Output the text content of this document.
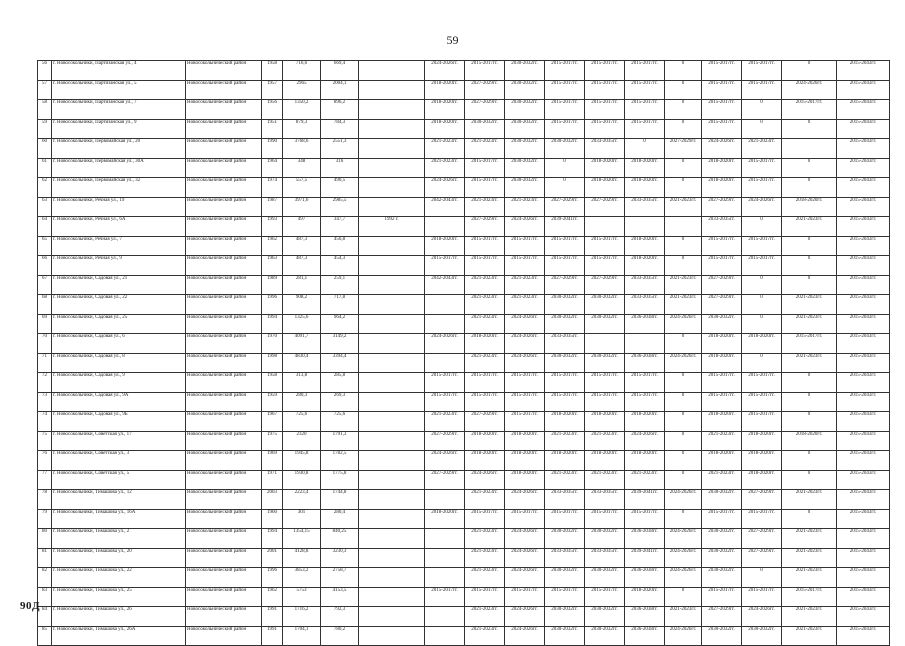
59
56	г. Новосокольники, Партизанская ул., 4	Новосокольнический район	1958	716,6	669,4		2024-2026гг.	2015-2017гг.	2030-2032гг.	2015-2017гг.	2015-2017гг.	2015-2017гг.	0	2015-2017гг.	2015-2017гг.	0	2015-2043гг.
57	г. Новосокольники, Партизанская ул., 5	Новосокольнический район	1957	2965	2004,1		2018-2020гг.	2027-2029гг.	2030-2032гг.	2015-2017гг.	2015-2017гг.	2015-2017гг.	0	2015-2017гг.	2015-2017гг.	2024-2026гг.	2015-2043гг.
58	г. Новосокольники, Партизанская ул., 7	Новосокольнический район	1956	1350,2	896,2		2018-2020гг.	2027-2029гг.	2030-2032гг.	2015-2017гг.	2015-2017гг.	2015-2017гг.	0	2015-2017гг.	0	2015-2017гг.	2015-2043гг.
59	г. Новосокольники, Партизанская ул., 9	Новосокольнический район	1951	879,3	784,3		2018-2020гг.	2030-2032гг.	2030-2032гг.	2015-2017гг.	2015-2017гг.	2015-2017гг.	0	2015-2017гг.	0	0	2015-2043гг.
60	г. Новосокольники, Первомайская ул., 20	Новосокольнический район	1990	3768,6	2551,3		2021-2023гг.	2021-2023гг.	2030-2032гг.	2030-2032гг.	2033-2035гг.	0	2027-2029гг.	2024-2026гг.	2021-2023гг.		2015-2043гг.
61	г. Новосокольники, Первомайская ул., 30А	Новосокольнический район	1964	348	316		2021-2023гг.	2015-2017гг.	2030-2032гг.	0	2018-2020гг.	2018-2020гг.	0	2018-2020гг.	2015-2017гг.	0	2015-2043гг.
62	г. Новосокольники, Первомайская ул., 32	Новосокольнический район	1974	557,5	490,5		2024-2026гг.	2015-2017гг.	2030-2032гг.	0	2018-2020гг.	2018-2020гг.	0	2018-2020гг.	2015-2017гг.	0	2015-2043гг.
63	г. Новосокольники, Речная ул., 19	Новосокольнический район	1987	3971,6	2985,5		2042-2043гг.	2021-2023гг.	2021-2023гг.	2027-2029гг.	2027-2029гг.	2033-2035гг.	2021-2023гг.	2027-2029гг.	2024-2026гг.	2018-2020гг.	2015-2043гг.
64	г. Новосокольники, Речная ул., 6А	Новосокольнический район	1993	497	347,7	1992 г.		2027-2029гг.	2024-2026гг.	2039-2041гг.				2033-2035гг.	0	2021-2023гг.	2015-2043гг.
65	г. Новосокольники, Речная ул., 7	Новосокольнический район	1962	487,3	456,8		2018-2020гг.	2015-2017гг.	2015-2017гг.	2015-2017гг.	2015-2017гг.	2018-2020гг.	0	2015-2017гг.	2015-2017гг.	0	2015-2043гг.
66	г. Новосокольники, Речная ул., 9	Новосокольнический район	1963	487,3	454,3		2015-2017гг.	2015-2017гг.	2015-2017гг.	2015-2017гг.	2015-2017гг.	2018-2020гг.	0	2015-2017гг.	2015-2017гг.	0	2015-2043гг.
67	г. Новосокольники, Садовая ул., 21	Новосокольнический район	1989	281,1	259,1		2042-2043гг.	2021-2023гг.	2021-2023гг.	2027-2029гг.	2027-2029гг.	2033-2035гг.	2021-2023гг.	2027-2029гг.	0	0	2015-2043гг.
68	г. Новосокольники, Садовая ул., 22	Новосокольнический район	1996	908,2	717,8			2021-2023гг.	2021-2023гг.	2030-2032гг.	2030-2032гг.	2033-2035гг.	2021-2023гг.	2027-2029гг.	0	2021-2023гг.	2015-2043гг.
69	г. Новосокольники, Садовая ул., 25	Новосокольнический район	1994	1325,6	964,2			2021-2023гг.	2024-2026гг.	2030-2032гг.	2030-2032гг.	2036-2038гг.	2024-2026гг.	2030-2032гг.	0	2021-2023гг.	2015-2043гг.
70	г. Новосокольники, Садовая ул., 6	Новосокольнический район	1970	4091,7	3149,2		2024-2026гг.	2018-2020гг.	2024-2026гг.	2033-2035гг.			0	2018-2020гг.	2018-2020гг.	2015-2017гг.	2015-2043гг.
71	г. Новосокольники, Садовая ул., 8	Новосокольнический район	1998	4830,4	3394,4			2021-2023гг.	2024-2026гг.	2030-2032гг.	2030-2032гг.	2036-2038гг.	2024-2026гг.	2018-2020гг.	0	2021-2023гг.	2015-2043гг.
72	г. Новосокольники, Садовая ул., 9	Новосокольнический район	1958	313,8	285,8		2015-2017гг.	2015-2017гг.	2015-2017гг.	2015-2017гг.	2015-2017гг.	2015-2017гг.	0	2015-2017гг.	2015-2017гг.	0	2015-2043гг.
73	г. Новосокольники, Садовая ул., 9А	Новосокольнический район	1959	280,3	269,3		2015-2017гг.	2015-2017гг.	2015-2017гг.	2015-2017гг.	2015-2017гг.	2015-2017гг.	0	2015-2017гг.	2015-2017гг.	0	2015-2043гг.
74	г. Новосокольники, Садовая ул., 9Б	Новосокольнический район	1967	725,6	725,6		2021-2023гг.	2027-2029гг.	2015-2017гг.	2018-2020гг.	2018-2020гг.	2018-2020гг.	0	2018-2020гг.	2015-2017гг.	0	2015-2043гг.
75	г. Новосокольники, Советская ул., 17	Новосокольнический район	1975	2320	1791,3		2027-2029гг.	2018-2020гг.	2018-2020гг.	2021-2023гг.	2021-2023гг.	2024-2026гг.	0	2021-2023гг.	2018-2020гг.	2018-2020гг.	2015-2043гг.
76	г. Новосокольники, Советская ул., 3	Новосокольнический район	1969	1945,8	1782,5		2024-2026гг.	2018-2020гг.	2018-2020гг.	2018-2020гг.	2018-2020гг.	2018-2020гг.	0	2018-2020гг.	2018-2020гг.	0	2015-2043гг.
77	г. Новосокольники, Советская ул., 5	Новосокольнический район	1971	1930,8	1775,8		2027-2029гг.	2024-2026гг.	2018-2020гг.	2021-2023гг.	2021-2023гг.	2021-2023гг.	0	2021-2023гг.	2018-2020гг.	0	2015-2043гг.
78	г. Новосокольники, Тимашова ул., 12	Новосокольнический район	2003	2223,4	1744,8			2021-2023гг.	2024-2026гг.	2033-2035гг.	2033-2035гг.	2039-2041гг.	2024-2026гг.	2030-2032гг.	2027-2029гг.	2021-2023гг.	2015-2043гг.
79	г. Новосокольники, Тимашова ул., 16А	Новосокольнический район	1960	301	280,4		2018-2020гг.	2015-2017гг.	2015-2017гг.	2015-2017гг.	2015-2017гг.	2015-2017гг.	0	2015-2017гг.	2015-2017гг.	0	2015-2043гг.
80	г. Новосокольники, Тимашова ул., 2	Новосокольнический район	1994	1354,15	840,25			2021-2023гг.	2024-2026гг.	2030-2032гг.	2030-2032гг.	2036-2038гг.	2024-2026гг.	2030-2032гг.	2027-2029гг.	2021-2023гг.	2015-2043гг.
81	г. Новосокольники, Тимашова ул., 20	Новосокольнический район	2001	4128,8	3230,3			2021-2023гг.	2024-2026гг.	2033-2035гг.	2033-2035гг.	2039-2041гг.	2024-2026гг.	2030-2032гг.	2027-2029гг.	2021-2023гг.	2015-2043гг.
82	г. Новосокольники, Тимашова ул., 22	Новосокольнический район	1996	3853,2	2758,7			2021-2023гг.	2024-2026гг.	2030-2032гг.	2030-2032гг.	2036-2038гг.	2024-2026гг.	2030-2032гг.	0	2021-2023гг.	2015-2043гг.
83	г. Новосокольники, Тимашова ул., 25	Новосокольнический район	1962	5753	4153,5		2015-2017гг.	2015-2017гг.	2015-2017гг.	2015-2017гг.	2015-2017гг.	2018-2020гг.	0	2015-2017гг.	2015-2017гг.	2015-2017гг.	2015-2043гг.
84	г. Новосокольники, Тимашова ул., 26	Новосокольнический район	1991	1716,2	792,3			2021-2023гг.	2024-2026гг.	2030-2032гг.	2030-2032гг.	2036-2038гг.	2021-2023гг.	2027-2029гг.	2024-2026гг.	2021-2023гг.	2015-2043гг.
85	г. Новосокольники, Тимашова ул., 26А	Новосокольнический район	1991	1704,1	780,2			2021-2023гг.	2024-2026гг.	2030-2032гг.	2030-2032гг.	2036-2038гг.	2024-2026гг.	2030-2032гг.	2030-2032гг.	2021-2023гг.	2015-2043гг.
90Д
